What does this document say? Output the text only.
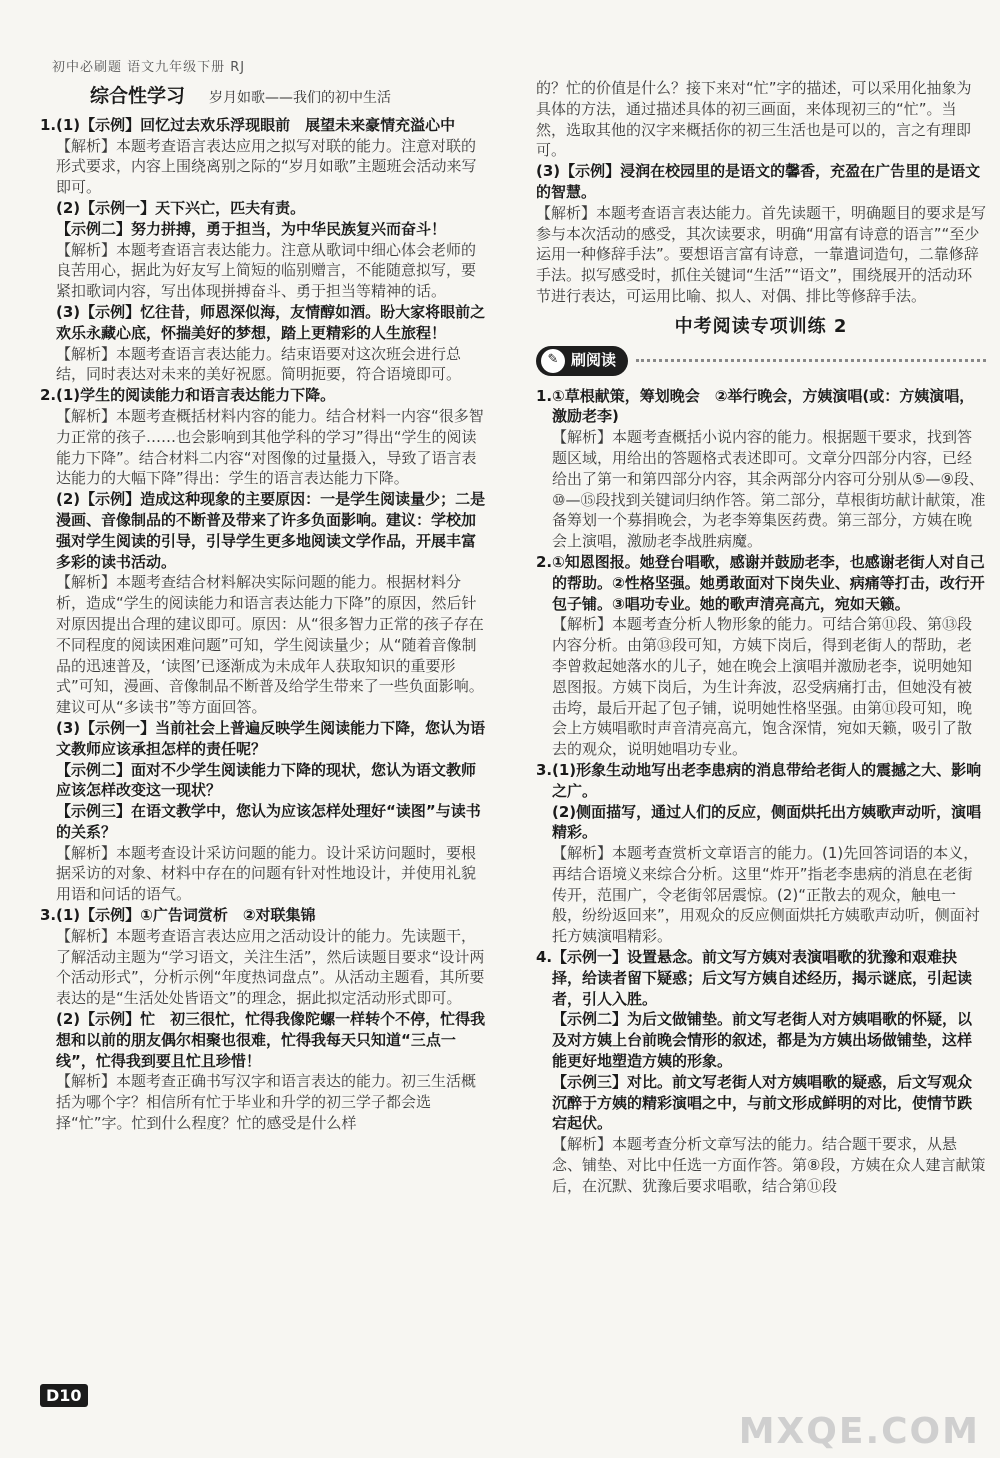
初中必刷题 语文九年级下册 RJ
综合性学习 岁月如歌——我们的初中生活
1. (1)【示例】回忆过去欢乐浮现眼前　展望未来豪情充溢心中

【解析】本题考查语言表达应用之拟写对联的能力。注意对联的形式要求，内容上围绕离别之际的“岁月如歌”主题班会活动来写即可。

(2)【示例一】天下兴亡，匹夫有责。

【示例二】努力拼搏，勇于担当，为中华民族复兴而奋斗！

【解析】本题考查语言表达能力。注意从歌词中细心体会老师的良苦用心，据此为好友写上简短的临别赠言，不能随意拟写，要紧扣歌词内容，写出体现拼搏奋斗、勇于担当等精神的话。

(3)【示例】忆往昔，师恩深似海，友情醇如酒。盼大家将眼前之欢乐永藏心底，怀揣美好的梦想，踏上更精彩的人生旅程！

【解析】本题考查语言表达能力。结束语要对这次班会进行总结，同时表达对未来的美好祝愿。简明扼要，符合语境即可。

2. (1)学生的阅读能力和语言表达能力下降。

【解析】本题考查概括材料内容的能力。结合材料一内容“很多智力正常的孩子……也会影响到其他学科的学习”得出“学生的阅读能力下降”。结合材料二内容“对图像的过量摄入，导致了语言表达能力的大幅下降”得出：学生的语言表达能力下降。

(2)【示例】造成这种现象的主要原因：一是学生阅读量少；二是漫画、音像制品的不断普及带来了许多负面影响。建议：学校加强对学生阅读的引导，引导学生更多地阅读文学作品，开展丰富多彩的读书活动。

【解析】本题考查结合材料解决实际问题的能力。根据材料分析，造成“学生的阅读能力和语言表达能力下降”的原因，然后针对原因提出合理的建议即可。原因：从“很多智力正常的孩子存在不同程度的阅读困难问题”可知，学生阅读量少；从“随着音像制品的迅速普及，‘读图’已逐渐成为未成年人获取知识的重要形式”可知，漫画、音像制品不断普及给学生带来了一些负面影响。建议可从“多读书”等方面回答。

(3)【示例一】当前社会上普遍反映学生阅读能力下降，您认为语文教师应该承担怎样的责任呢？

【示例二】面对不少学生阅读能力下降的现状，您认为语文教师应该怎样改变这一现状？

【示例三】在语文教学中，您认为应该怎样处理好“读图”与读书的关系？

【解析】本题考查设计采访问题的能力。设计采访问题时，要根据采访的对象、材料中存在的问题有针对性地设计，并使用礼貌用语和问话的语气。

3. (1)【示例】①广告词赏析　②对联集锦

【解析】本题考查语言表达应用之活动设计的能力。先读题干，了解活动主题为“学习语文，关注生活”，然后读题目要求“设计两个活动形式”，分析示例“年度热词盘点”。从活动主题看，其所要表达的是“生活处处皆语文”的理念，据此拟定活动形式即可。

(2)【示例】忙　初三很忙，忙得我像陀螺一样转个不停，忙得我想和以前的朋友偶尔相聚也很难，忙得我每天只知道“三点一线”，忙得我到要且忙且珍惜！

【解析】本题考查正确书写汉字和语言表达的能力。初三生活概括为哪个字？相信所有忙于毕业和升学的初三学子都会选择“忙”字。忙到什么程度？忙的感受是什么样

的？忙的价值是什么？接下来对“忙”字的描述，可以采用化抽象为具体的方法，通过描述具体的初三画面，来体现初三的“忙”。当然，选取其他的汉字来概括你的初三生活也是可以的，言之有理即可。

(3)【示例】浸润在校园里的是语文的馨香，充盈在广告里的是语文的智慧。

【解析】本题考查语言表达能力。首先读题干，明确题目的要求是写参与本次活动的感受，其次读要求，明确“用富有诗意的语言”“至少运用一种修辞手法”。要想语言富有诗意，一靠遣词造句，二靠修辞手法。拟写感受时，抓住关键词“生活”“语文”，围绕展开的活动环节进行表达，可运用比喻、拟人、对偶、排比等修辞手法。

中考阅读专项训练 2
✎ 刷阅读
1. ①草根献策，筹划晚会　②举行晚会，方姨演唱(或：方姨演唱，激励老李)

【解析】本题考查概括小说内容的能力。根据题干要求，找到答题区域，用给出的答题格式表述即可。文章分四部分内容，已经给出了第一和第四部分内容，其余两部分内容可分别从⑤—⑨段、⑩—⑮段找到关键词归纳作答。第二部分，草根街坊献计献策，准备筹划一个募捐晚会，为老李筹集医药费。第三部分，方姨在晚会上演唱，激励老李战胜病魔。

2. ①知恩图报。她登台唱歌，感谢并鼓励老李，也感谢老街人对自己的帮助。②性格坚强。她勇敢面对下岗失业、病痛等打击，改行开包子铺。③唱功专业。她的歌声清亮高亢，宛如天籁。

【解析】本题考查分析人物形象的能力。可结合第⑪段、第⑬段内容分析。由第⑬段可知，方姨下岗后，得到老街人的帮助，老李曾救起她落水的儿子，她在晚会上演唱并激励老李，说明她知恩图报。方姨下岗后，为生计奔波，忍受病痛打击，但她没有被击垮，最后开起了包子铺，说明她性格坚强。由第⑪段可知，晚会上方姨唱歌时声音清亮高亢，饱含深情，宛如天籁，吸引了散去的观众，说明她唱功专业。

3. (1)形象生动地写出老李患病的消息带给老街人的震撼之大、影响之广。

(2)侧面描写，通过人们的反应，侧面烘托出方姨歌声动听，演唱精彩。

【解析】本题考查赏析文章语言的能力。(1)先回答词语的本义，再结合语境义来综合分析。这里“炸开”指老李患病的消息在老街传开，范围广，令老街邻居震惊。(2)“正散去的观众，触电一般，纷纷返回来”，用观众的反应侧面烘托方姨歌声动听，侧面衬托方姨演唱精彩。

4. 【示例一】设置悬念。前文写方姨对表演唱歌的犹豫和艰难抉择，给读者留下疑惑；后文写方姨自述经历，揭示谜底，引起读者，引人入胜。

【示例二】为后文做铺垫。前文写老街人对方姨唱歌的怀疑，以及对方姨上台前晚会情形的叙述，都是为方姨出场做铺垫，这样能更好地塑造方姨的形象。

【示例三】对比。前文写老街人对方姨唱歌的疑惑，后文写观众沉醉于方姨的精彩演唱之中，与前文形成鲜明的对比，使情节跌宕起伏。

【解析】本题考查分析文章写法的能力。结合题干要求，从悬念、铺垫、对比中任选一方面作答。第⑧段，方姨在众人建言献策后，在沉默、犹豫后要求唱歌，结合第⑪段

D10
MXQE.COM
